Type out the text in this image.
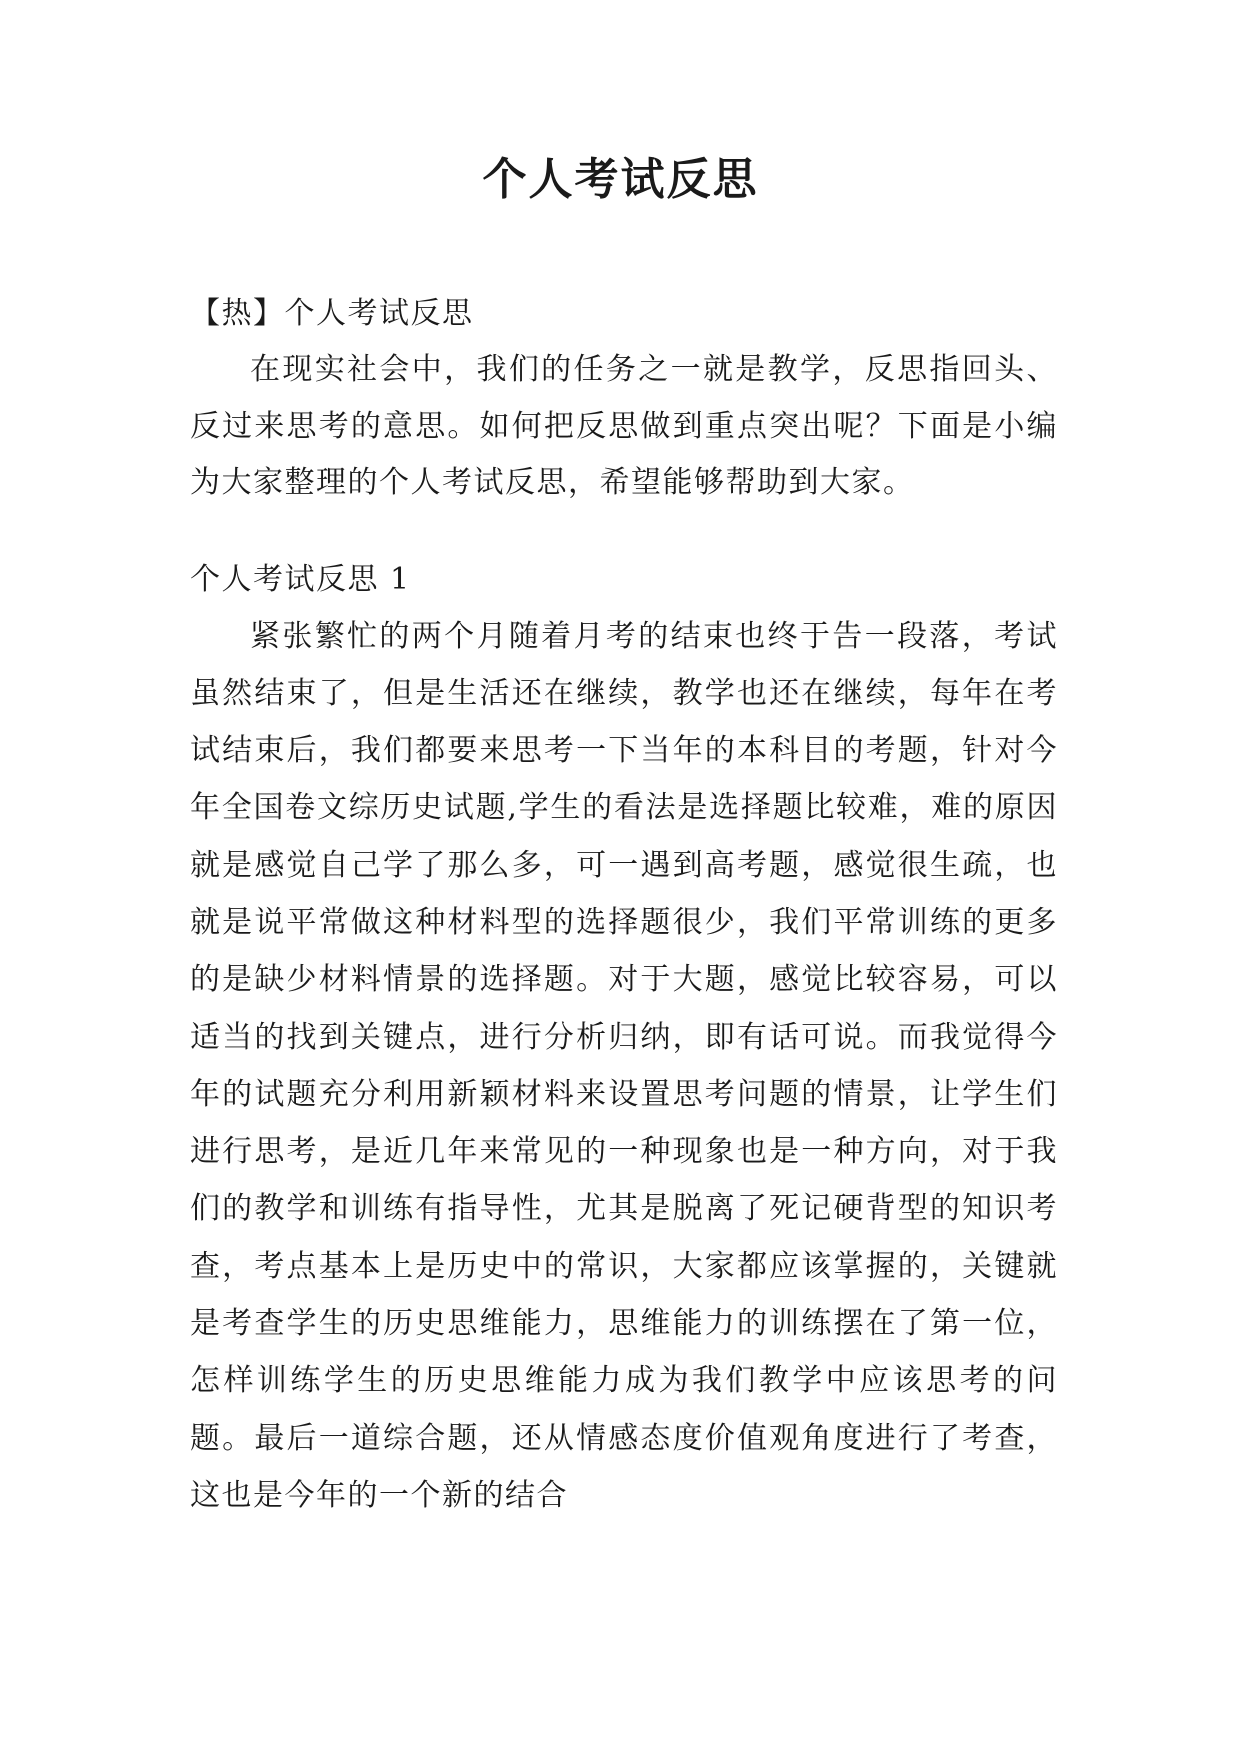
个人考试反思

【热】个人考试反思

在现实社会中，我们的任务之一就是教学，反思指回头、反过来思考的意思。如何把反思做到重点突出呢？下面是小编为大家整理的个人考试反思，希望能够帮助到大家。

个人考试反思 1

紧张繁忙的两个月随着月考的结束也终于告一段落，考试虽然结束了，但是生活还在继续，教学也还在继续，每年在考试结束后，我们都要来思考一下当年的本科目的考题，针对今年全国卷文综历史试题,学生的看法是选择题比较难，难的原因就是感觉自己学了那么多，可一遇到高考题，感觉很生疏，也就是说平常做这种材料型的选择题很少，我们平常训练的更多的是缺少材料情景的选择题。对于大题，感觉比较容易，可以适当的找到关键点，进行分析归纳，即有话可说。而我觉得今年的试题充分利用新颖材料来设置思考问题的情景，让学生们进行思考，是近几年来常见的一种现象也是一种方向，对于我们的教学和训练有指导性，尤其是脱离了死记硬背型的知识考查，考点基本上是历史中的常识，大家都应该掌握的，关键就是考查学生的历史思维能力，思维能力的训练摆在了第一位，怎样训练学生的历史思维能力成为我们教学中应该思考的问题。最后一道综合题，还从情感态度价值观角度进行了考查，这也是今年的一个新的结合
